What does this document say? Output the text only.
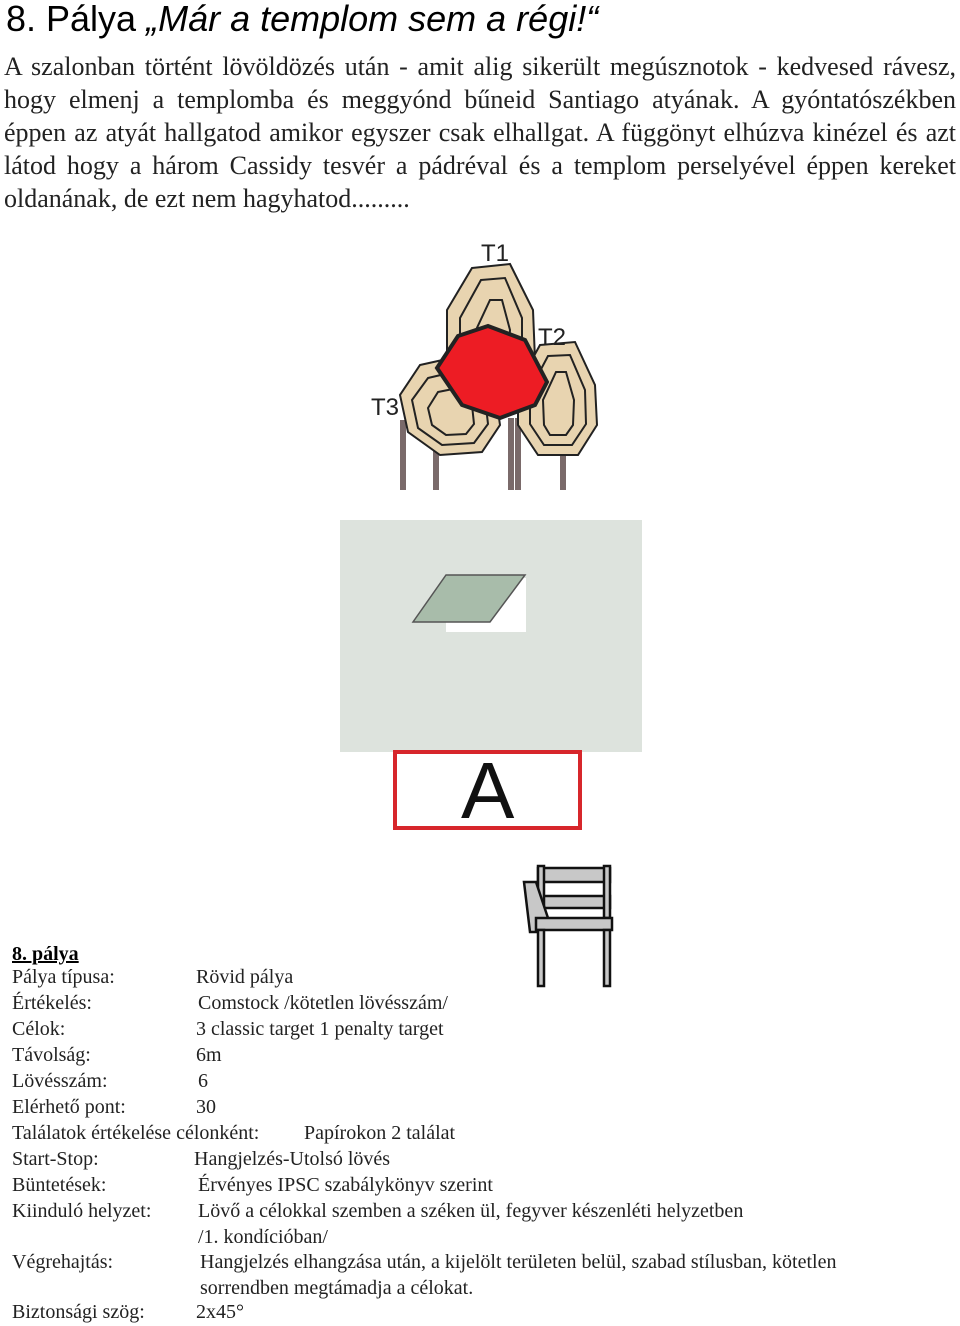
8. Pálya „Már a templom sem a régi!“
A szalonban történt lövöldözés után - amit alig sikerült megúsznotok - kedvesed rávesz, hogy elmenj a templomba és meggyónd bűneid Santiago atyának. A gyóntatószékben éppen az atyát hallgatod amikor egyszer csak elhallgat. A függönyt elhúzva kinézel és azt látod hogy a három Cassidy tesvér a pádréval és a templom perselyével éppen kereket oldanának, de ezt nem hagyhatod.........
T1
T2
T3
A
8. pálya
Pálya típusa:	Rövid pálya
Értékelés:	Comstock /kötetlen lövésszám/
Célok:	3 classic target 1 penalty target
Távolság:	6m
Lövésszám:	6
Elérhető pont:	30
Találatok értékelése célonként: Papírokon 2 találat
Start-Stop:	Hangjelzés-Utolsó lövés
Büntetések:	Érvényes IPSC szabálykönyv szerint
Kiinduló helyzet: Lövő a célokkal szemben a széken ül, fegyver készenléti helyzetben
/1. kondícióban/
Végrehajtás:	Hangjelzés elhangzása után, a kijelölt területen belül, szabad stílusban, kötetlen
sorrendben megtámadja a célokat.
Biztonsági szög:	2x45°
